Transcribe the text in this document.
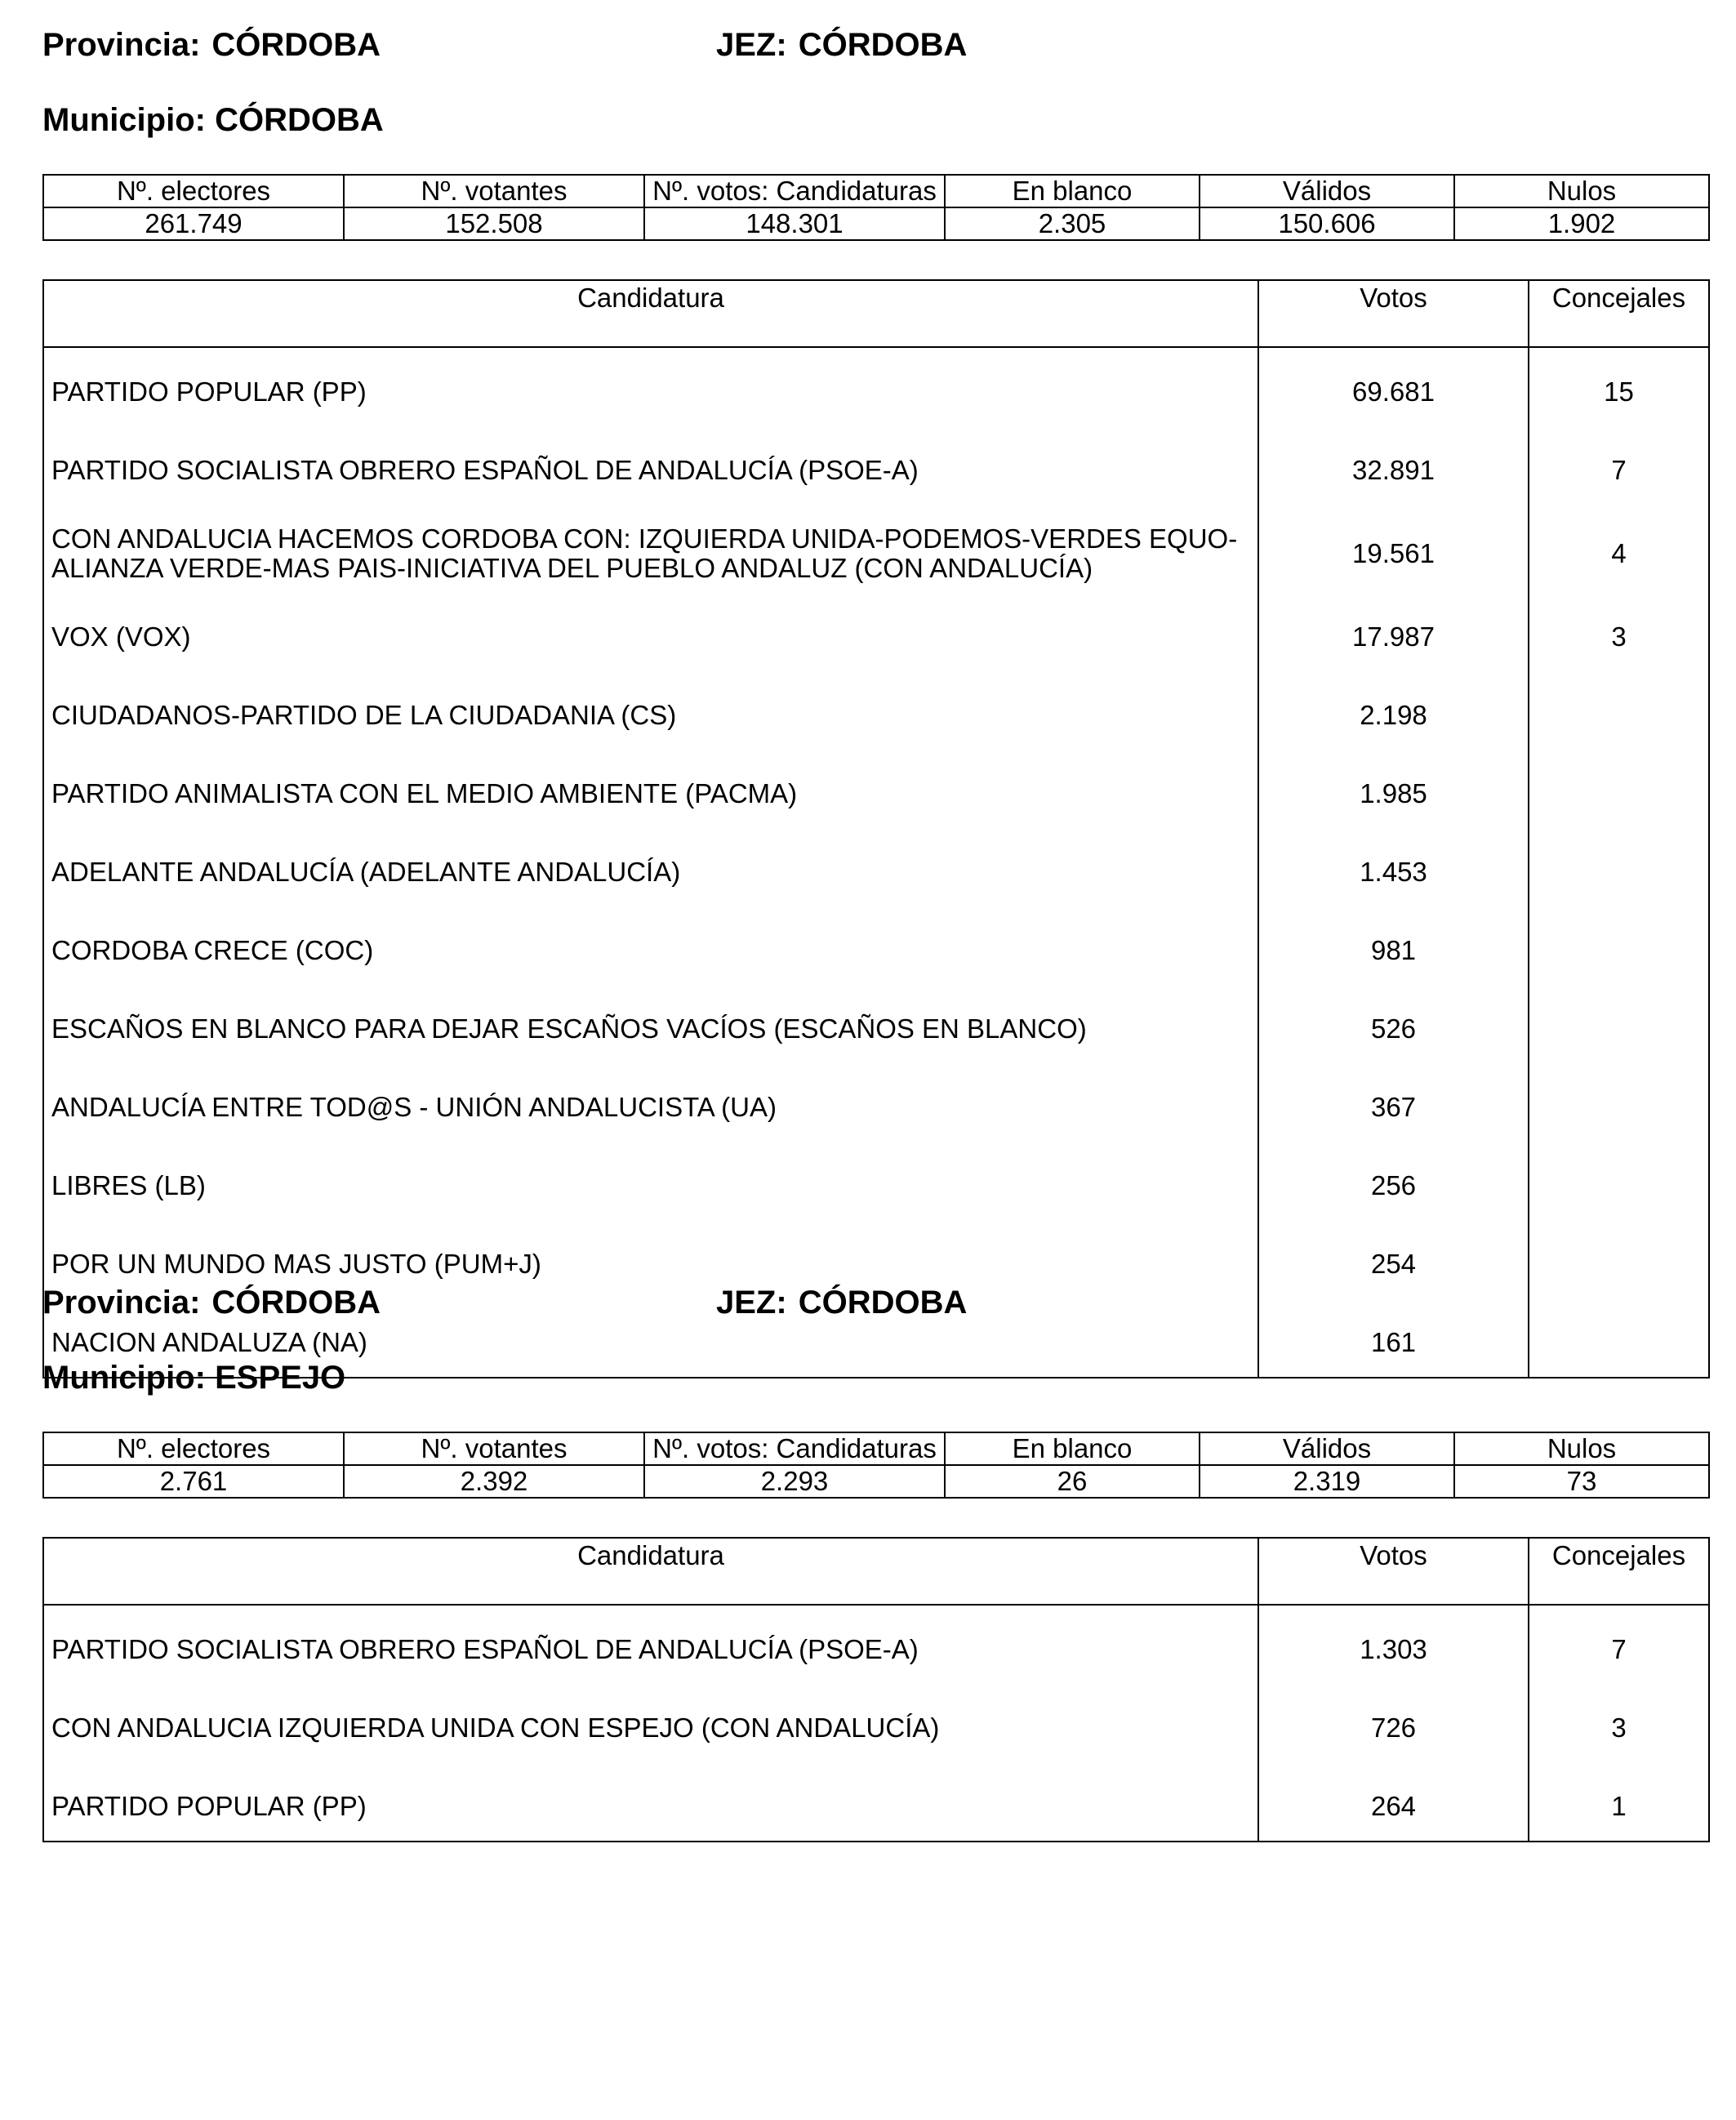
Provincia: CÓRDOBA	JEZ: CÓRDOBA
Municipio: CÓRDOBA
Nº. electores	Nº. votantes	Nº. votos: Candidaturas	En blanco	Válidos	Nulos
261.749	152.508	148.301	2.305	150.606	1.902
Candidatura	Votos	Concejales
PARTIDO POPULAR (PP)	69.681	15
PARTIDO SOCIALISTA OBRERO ESPAÑOL DE ANDALUCÍA (PSOE-A)	32.891	7
CON ANDALUCIA HACEMOS CORDOBA CON: IZQUIERDA UNIDA-PODEMOS-VERDES EQUO-
ALIANZA VERDE-MAS PAIS-INICIATIVA DEL PUEBLO ANDALUZ (CON ANDALUCÍA)	19.561	4
VOX (VOX)	17.987	3
CIUDADANOS-PARTIDO DE LA CIUDADANIA (CS)	2.198	
PARTIDO ANIMALISTA CON EL MEDIO AMBIENTE (PACMA)	1.985	
ADELANTE ANDALUCÍA (ADELANTE ANDALUCÍA)	1.453	
CORDOBA CRECE (COC)	981	
ESCAÑOS EN BLANCO PARA DEJAR ESCAÑOS VACÍOS (ESCAÑOS EN BLANCO)	526	
ANDALUCÍA ENTRE TOD@S - UNIÓN ANDALUCISTA (UA)	367	
LIBRES (LB)	256	
POR UN MUNDO MAS JUSTO (PUM+J)	254	
NACION ANDALUZA (NA)	161	
Provincia: CÓRDOBA	JEZ: CÓRDOBA
Municipio: ESPEJO
Nº. electores	Nº. votantes	Nº. votos: Candidaturas	En blanco	Válidos	Nulos
2.761	2.392	2.293	26	2.319	73
Candidatura	Votos	Concejales
PARTIDO SOCIALISTA OBRERO ESPAÑOL DE ANDALUCÍA (PSOE-A)	1.303	7
CON ANDALUCIA IZQUIERDA UNIDA CON ESPEJO (CON ANDALUCÍA)	726	3
PARTIDO POPULAR (PP)	264	1
